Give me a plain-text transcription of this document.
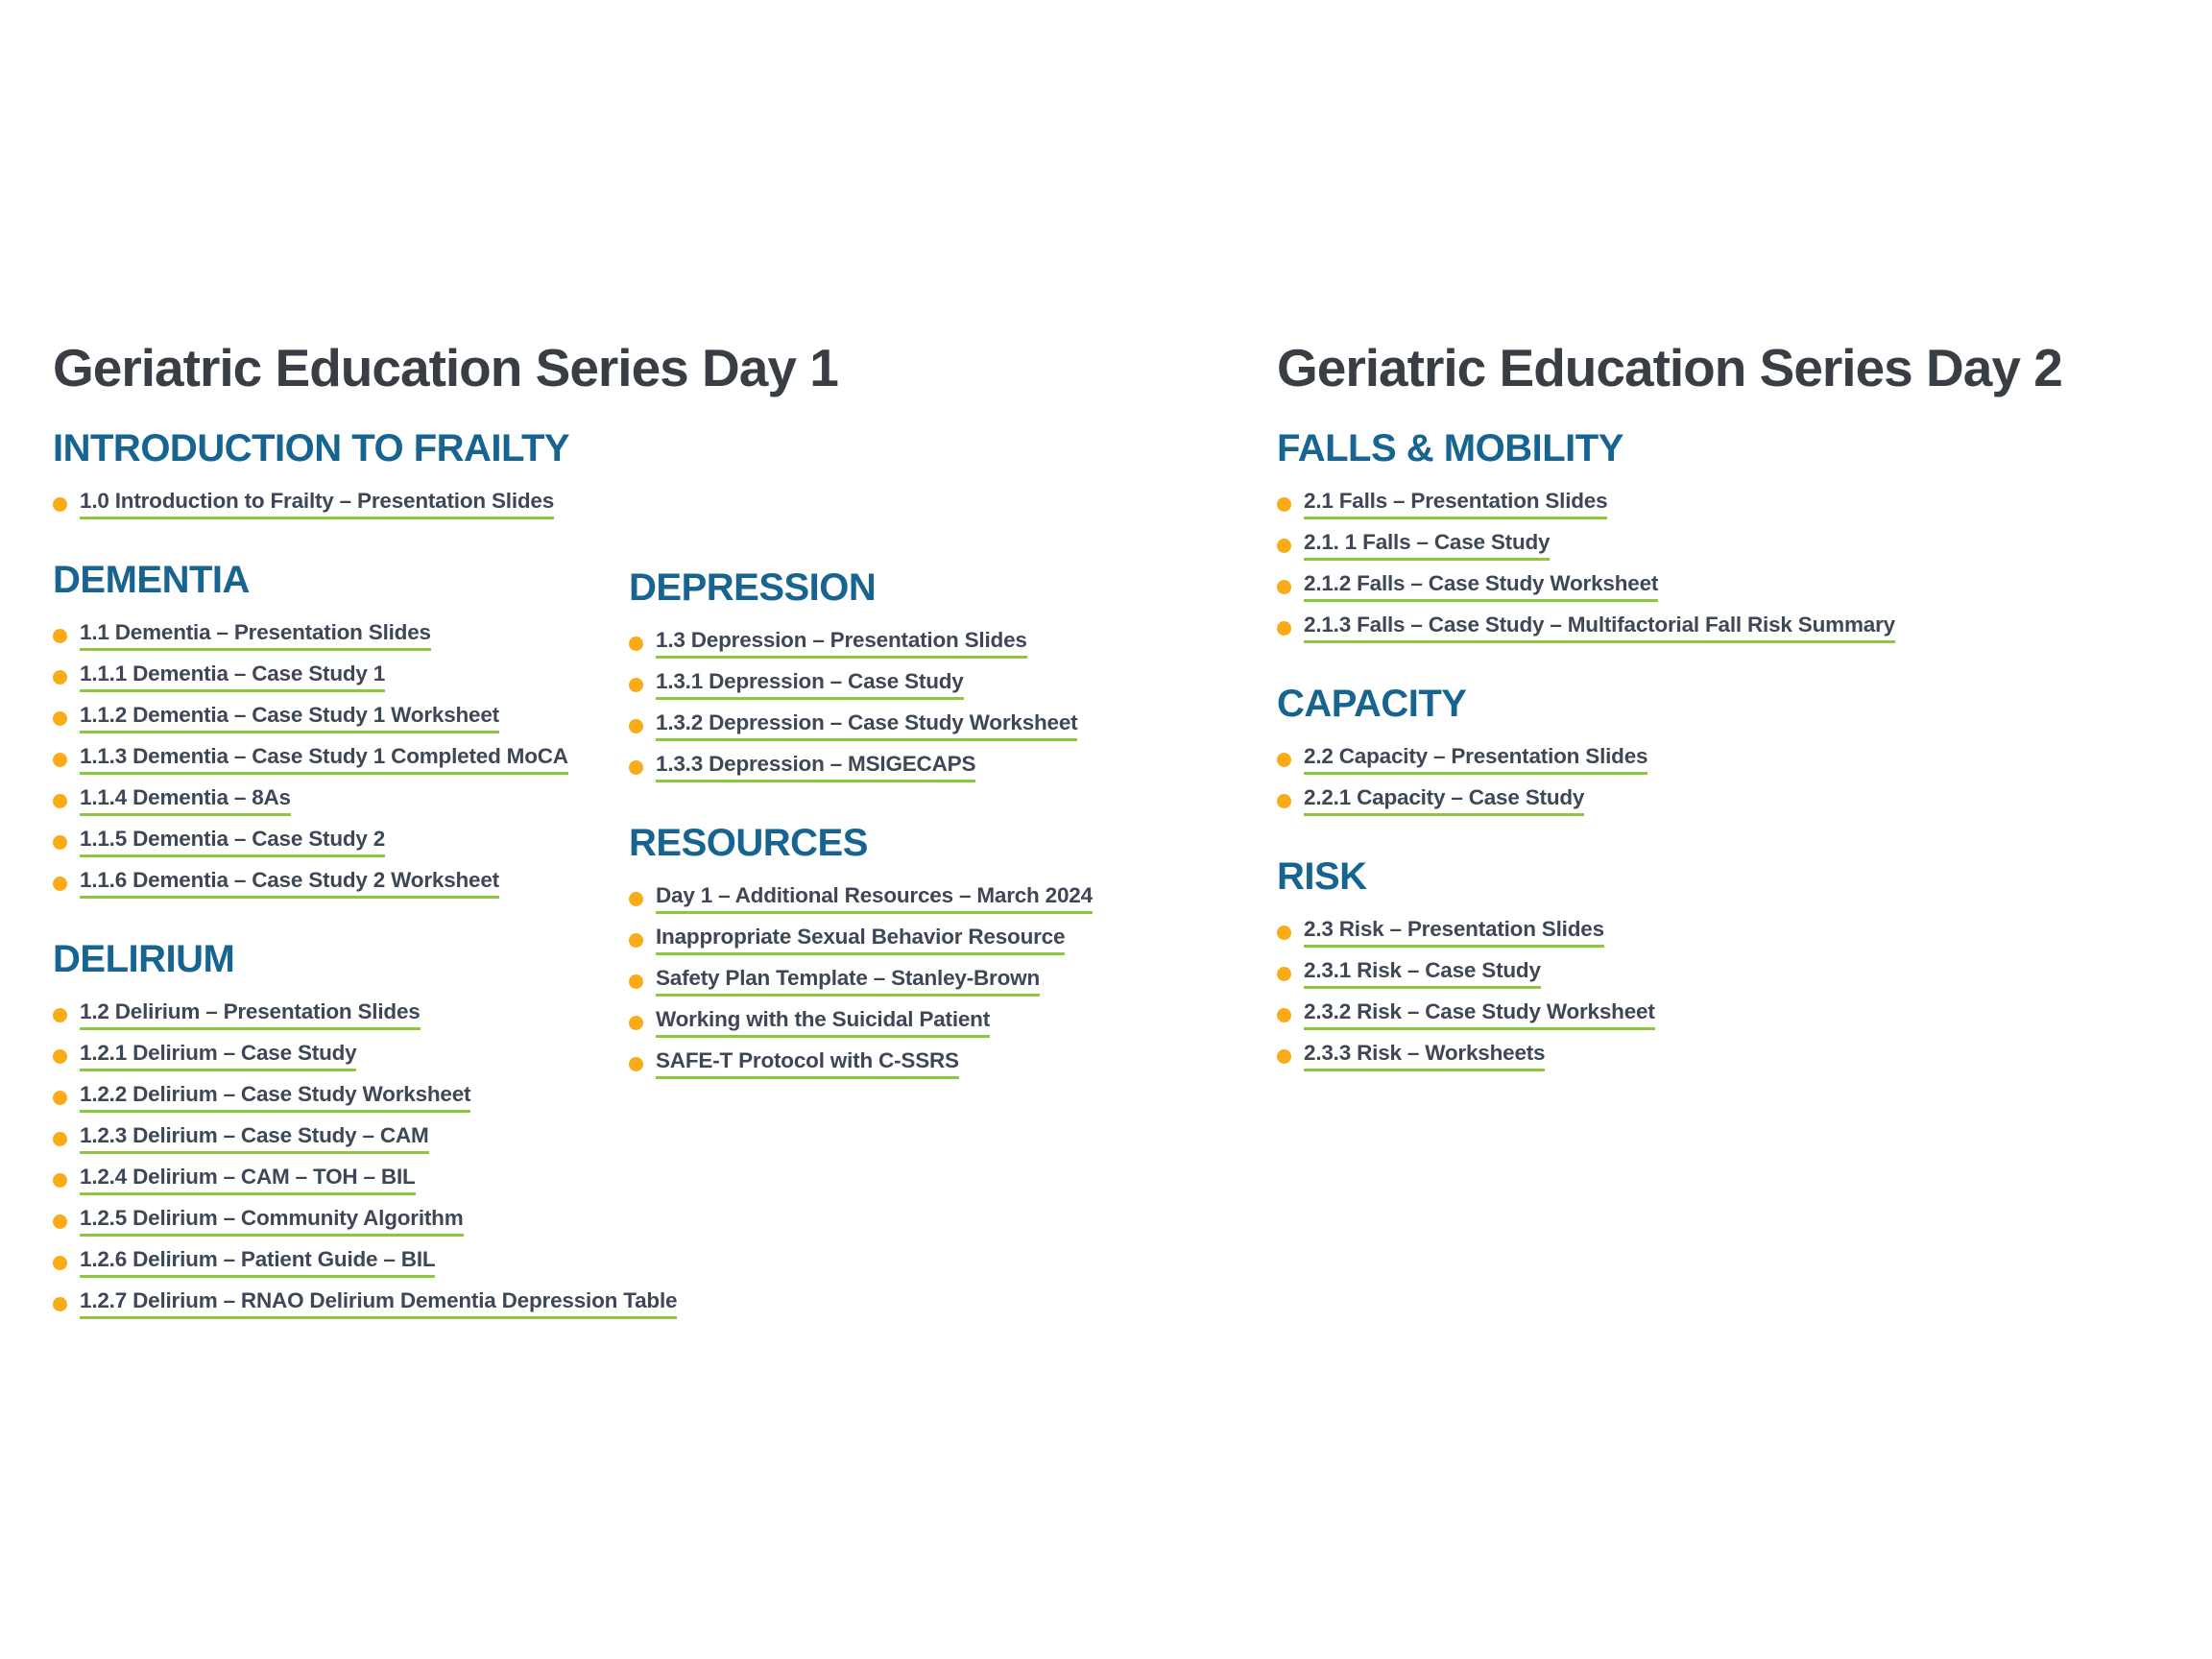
Geriatric Education Series Day 1
INTRODUCTION TO FRAILTY
1.0 Introduction to Frailty – Presentation Slides
DEMENTIA
1.1 Dementia – Presentation Slides
1.1.1 Dementia – Case Study 1
1.1.2 Dementia – Case Study 1 Worksheet
1.1.3 Dementia – Case Study 1 Completed MoCA
1.1.4 Dementia – 8As
1.1.5 Dementia – Case Study 2
1.1.6 Dementia – Case Study 2 Worksheet
DELIRIUM
1.2 Delirium – Presentation Slides
1.2.1 Delirium – Case Study
1.2.2 Delirium – Case Study Worksheet
1.2.3 Delirium – Case Study – CAM
1.2.4 Delirium – CAM – TOH – BIL
1.2.5 Delirium – Community Algorithm
1.2.6 Delirium – Patient Guide – BIL
1.2.7 Delirium – RNAO Delirium Dementia Depression Table
DEPRESSION
1.3 Depression – Presentation Slides
1.3.1 Depression – Case Study
1.3.2 Depression – Case Study Worksheet
1.3.3 Depression – MSIGECAPS
RESOURCES
Day 1 – Additional Resources – March 2024
Inappropriate Sexual Behavior Resource
Safety Plan Template – Stanley-Brown
Working with the Suicidal Patient
SAFE-T Protocol with C-SSRS
Geriatric Education Series Day 2
FALLS & MOBILITY
2.1 Falls – Presentation Slides
2.1. 1 Falls – Case Study
2.1.2 Falls – Case Study Worksheet
2.1.3 Falls – Case Study – Multifactorial Fall Risk Summary
CAPACITY
2.2 Capacity – Presentation Slides
2.2.1 Capacity – Case Study
RISK
2.3 Risk – Presentation Slides
2.3.1 Risk – Case Study
2.3.2 Risk – Case Study Worksheet
2.3.3 Risk – Worksheets
